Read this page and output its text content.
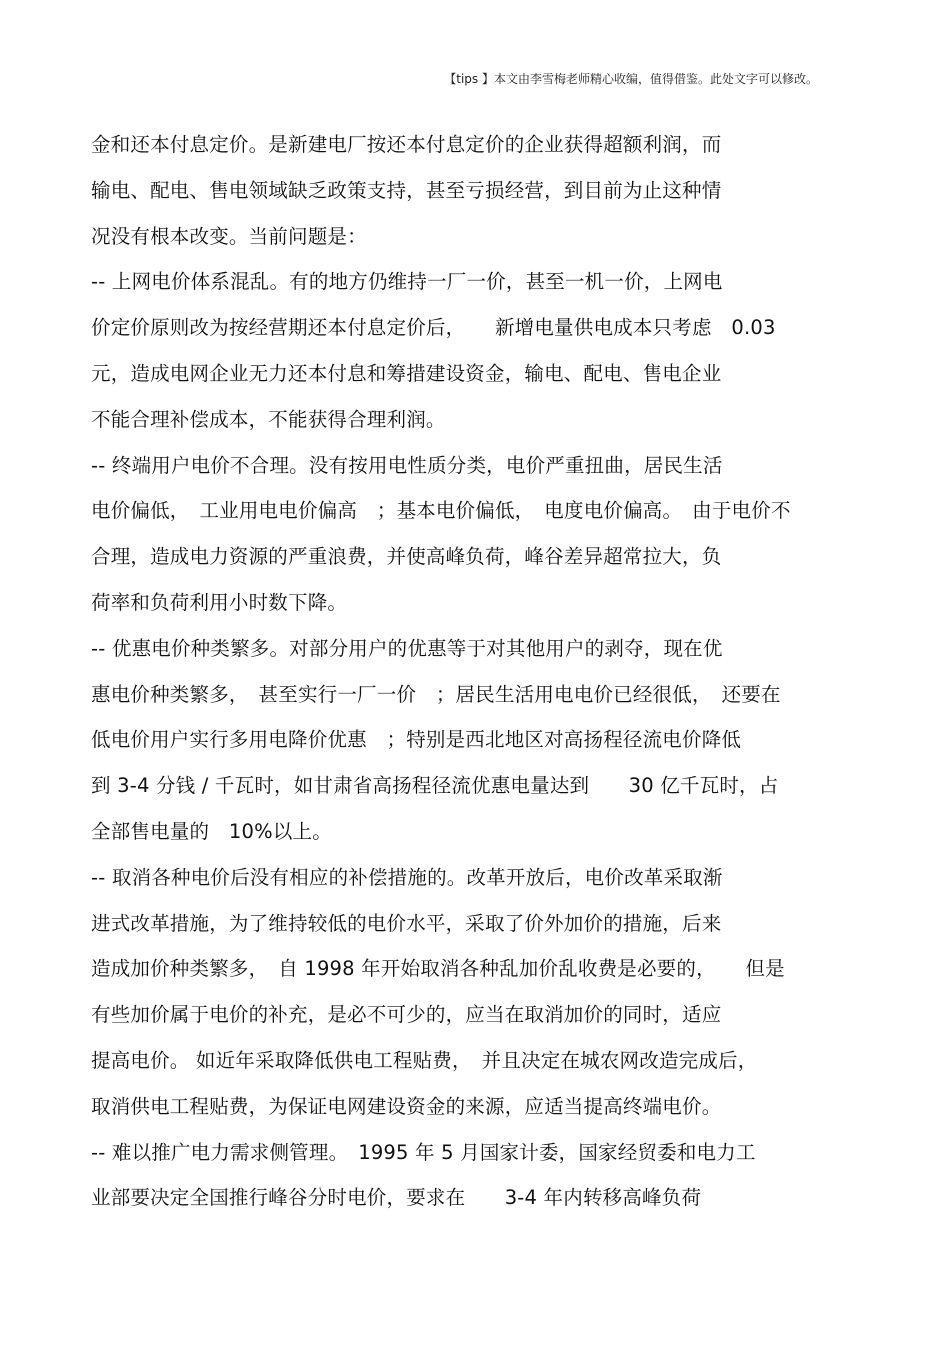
【tips 】本文由李雪梅老师精心收编，值得借鉴。此处文字可以修改。
金和还本付息定价。是新建电厂按还本付息定价的企业获得超额利润，而
输电、配电、售电领域缺乏政策支持，甚至亏损经营，到目前为止这种情
况没有根本改变。当前问题是：
-- 上网电价体系混乱。有的地方仍维持一厂一价，甚至一机一价，上网电
价定价原则改为按经营期还本付息定价后，　　新增电量供电成本只考虑　0.03
元，造成电网企业无力还本付息和筹措建设资金，输电、配电、售电企业
不能合理补偿成本，不能获得合理利润。
-- 终端用户电价不合理。没有按用电性质分类，电价严重扭曲，居民生活
电价偏低，　工业用电电价偏高　；基本电价偏低，　电度电价偏高。　由于电价不
合理，造成电力资源的严重浪费，并使高峰负荷，峰谷差异超常拉大，负
荷率和负荷利用小时数下降。
-- 优惠电价种类繁多。对部分用户的优惠等于对其他用户的剥夺，现在优
惠电价种类繁多，　甚至实行一厂一价　；居民生活用电电价已经很低，　还要在
低电价用户实行多用电降价优惠　；特别是西北地区对高扬程径流电价降低
到 3-4 分钱 / 千瓦时，如甘肃省高扬程径流优惠电量达到　　30 亿千瓦时，占
全部售电量的　10%以上。
-- 取消各种电价后没有相应的补偿措施的。改革开放后，电价改革采取渐
进式改革措施，为了维持较低的电价水平，采取了价外加价的措施，后来
造成加价种类繁多，　自 1998 年开始取消各种乱加价乱收费是必要的，　　但是
有些加价属于电价的补充，是必不可少的，应当在取消加价的同时，适应
提高电价。 如近年采取降低供电工程贴费，　并且决定在城农网改造完成后，
取消供电工程贴费，为保证电网建设资金的来源，应适当提高终端电价。
-- 难以推广电力需求侧管理。　1995 年 5 月国家计委，国家经贸委和电力工
业部要决定全国推行峰谷分时电价，要求在　　3-4 年内转移高峰负荷
